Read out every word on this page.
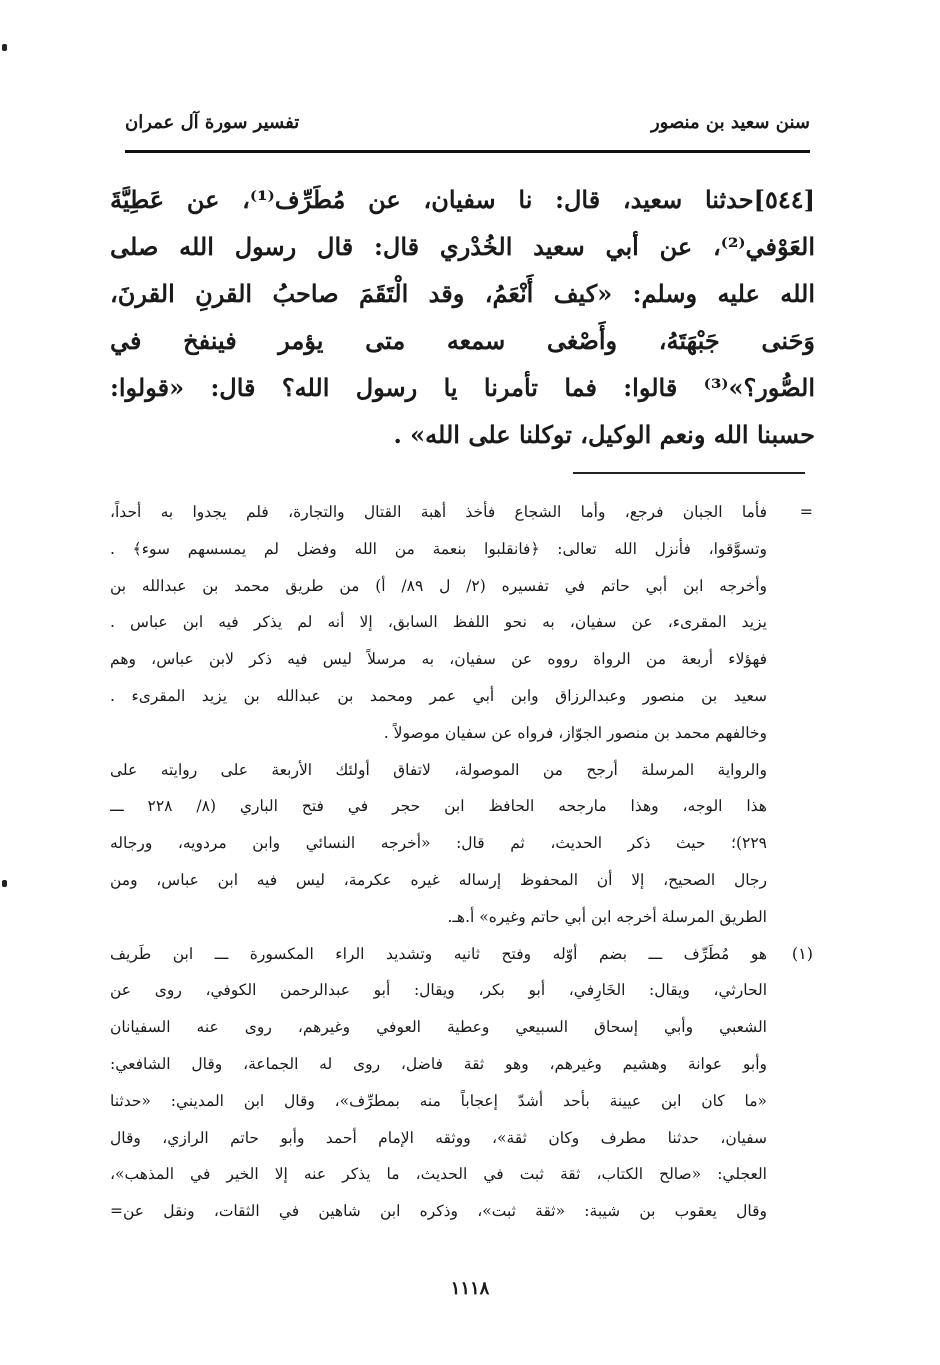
سنن سعيد بن منصور
تفسير سورة آل عمران
[٥٤٤]حدثنا سعيد، قال: نا سفيان، عن مُطَرِّف⁽¹⁾، عن عَطِيَّةَ
العَوْفي⁽²⁾، عن أبي سعيد الخُدْري قال: قال رسول الله صلى
الله عليه وسلم: «كيف أَنْعَمُ، وقد الْتَقَمَ صاحبُ القرنِ القرنَ،
وَحَنى جَبْهَتَهُ، وأَصْغى سمعه متى يؤمر فينفخ في
الصُّور؟»⁽³⁾ قالوا: فما تأمرنا يا رسول الله؟ قال: «قولوا:
حسبنا الله ونعم الوكيل، توكلنا على الله» .
=
فأما الجبان فرجع، وأما الشجاع فأخذ أهبة القتال والتجارة، فلم يجدوا به أحداً،
وتسوَّقوا، فأنزل الله تعالى: ﴿فانقلبوا بنعمة من الله وفضل لم يمسسهم سوء﴾ .
وأخرجه ابن أبي حاتم في تفسيره (٢/ ل ٨٩/ أ) من طريق محمد بن عبدالله بن
يزيد المقرىء، عن سفيان، به نحو اللفظ السابق، إلا أنه لم يذكر فيه ابن عباس .
فهؤلاء أربعة من الرواة رووه عن سفيان، به مرسلاً ليس فيه ذكر لابن عباس، وهم
سعيد بن منصور وعبدالرزاق وابن أبي عمر ومحمد بن عبدالله بن يزيد المقرىء .
وخالفهم محمد بن منصور الجوّاز، فرواه عن سفيان موصولاً .
والرواية المرسلة أرجح من الموصولة، لاتفاق أولئك الأربعة على روايته على
هذا الوجه، وهذا مارجحه الحافظ ابن حجر في فتح الباري (٨/ ٢٢٨ ـــ
٢٢٩)؛ حيث ذكر الحديث، ثم قال: «أخرجه النسائي وابن مردويه، ورجاله
رجال الصحيح، إلا أن المحفوظ إرساله غيره عكرمة، ليس فيه ابن عباس، ومن
الطريق المرسلة أخرجه ابن أبي حاتم وغيره» أ.هـ.
(١)
هو مُطَرِّف ـــ بضم أوّله وفتح ثانيه وتشديد الراء المكسورة ـــ ابن طَريف
الحارثي، ويقال: الخَارِفي، أبو بكر، ويقال: أبو عبدالرحمن الكوفي، روى عن
الشعبي وأبي إسحاق السبيعي وعطية العوفي وغيرهم، روى عنه السفيانان
وأبو عوانة وهشيم وغيرهم، وهو ثقة فاضل، روى له الجماعة، وقال الشافعي:
«ما كان ابن عيينة بأحد أشدّ إعجاباً منه بمطرِّف»، وقال ابن المديني: «حدثنا
سفيان، حدثنا مطرف وكان ثقة»، ووثقه الإمام أحمد وأبو حاتم الرازي، وقال
العجلي: «صالح الكتاب، ثقة ثبت في الحديث، ما يذكر عنه إلا الخير في المذهب»،
وقال يعقوب بن شيبة: «ثقة ثبت»، وذكره ابن شاهين في الثقات، ونقل عن=
١١١٨
